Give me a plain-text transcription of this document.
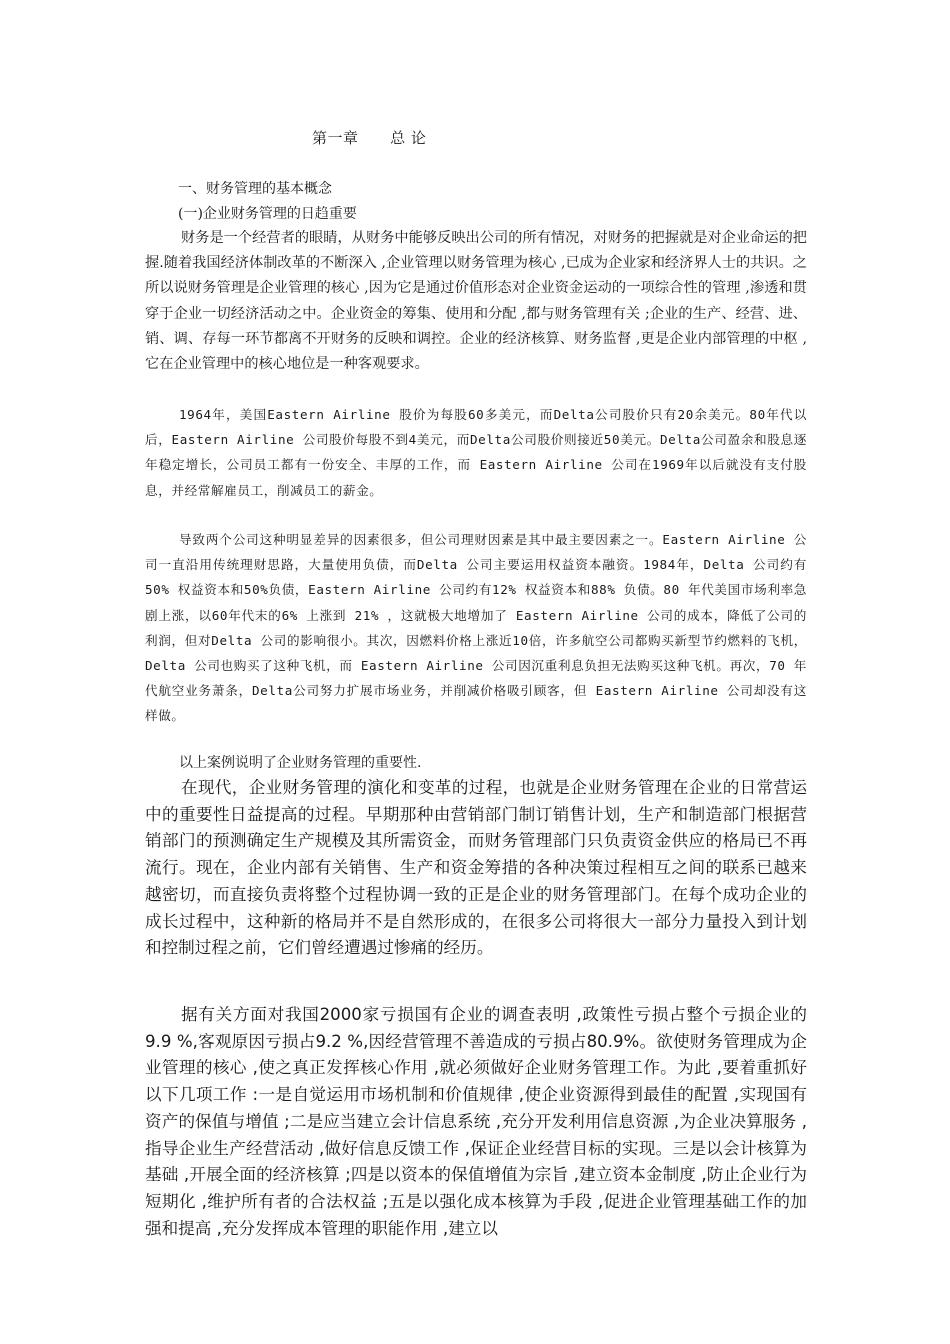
第一章      总 论
一、财务管理的基本概念
(一)企业财务管理的日趋重要

财务是一个经营者的眼睛，从财务中能够反映出公司的所有情况，对财务的把握就是对企业命运的把握.随着我国经济体制改革的不断深入 ,企业管理以财务管理为核心 ,已成为企业家和经济界人士的共识。之所以说财务管理是企业管理的核心 ,因为它是通过价值形态对企业资金运动的一项综合性的管理 ,渗透和贯穿于企业一切经济活动之中。企业资金的筹集、使用和分配 ,都与财务管理有关 ;企业的生产、经营、进、销、调、存每一环节都离不开财务的反映和调控。企业的经济核算、财务监督 ,更是企业内部管理的中枢 ,它在企业管理中的核心地位是一种客观要求。

1964年，美国Eastern Airline 股价为每股60多美元，而Delta公司股价只有20余美元。80年代以后，Eastern Airline 公司股价每股不到4美元，而Delta公司股价则接近50美元。Delta公司盈余和股息逐年稳定增长，公司员工都有一份安全、丰厚的工作，而 Eastern Airline 公司在1969年以后就没有支付股息，并经常解雇员工，削减员工的薪金。

导致两个公司这种明显差异的因素很多，但公司理财因素是其中最主要因素之一。Eastern Airline 公司一直沿用传统理财思路，大量使用负债，而Delta 公司主要运用权益资本融资。1984年，Delta 公司约有50% 权益资本和50%负债，Eastern Airline 公司约有12% 权益资本和88% 负债。80 年代美国市场利率急剧上涨，以60年代末的6% 上涨到 21% ，这就极大地增加了 Eastern Airline 公司的成本，降低了公司的利润，但对Delta 公司的影响很小。其次，因燃料价格上涨近10倍，许多航空公司都购买新型节约燃料的飞机，Delta 公司也购买了这种飞机，而 Eastern Airline 公司因沉重利息负担无法购买这种飞机。再次，70 年代航空业务萧条，Delta公司努力扩展市场业务，并削减价格吸引顾客，但 Eastern Airline 公司却没有这样做。

以上案例说明了企业财务管理的重要性.

在现代，企业财务管理的演化和变革的过程，也就是企业财务管理在企业的日常营运中的重要性日益提高的过程。早期那种由营销部门制订销售计划，生产和制造部门根据营销部门的预测确定生产规模及其所需资金，而财务管理部门只负责资金供应的格局已不再流行。现在，企业内部有关销售、生产和资金筹措的各种决策过程相互之间的联系已越来越密切，而直接负责将整个过程协调一致的正是企业的财务管理部门。在每个成功企业的成长过程中，这种新的格局并不是自然形成的，在很多公司将很大一部分力量投入到计划和控制过程之前，它们曾经遭遇过惨痛的经历。

据有关方面对我国2000家亏损国有企业的调查表明 ,政策性亏损占整个亏损企业的9.9 %,客观原因亏损占9.2 %,因经营管理不善造成的亏损占80.9%。欲使财务管理成为企业管理的核心 ,使之真正发挥核心作用 ,就必须做好企业财务管理工作。为此 ,要着重抓好以下几项工作 :一是自觉运用市场机制和价值规律 ,使企业资源得到最佳的配置 ,实现国有资产的保值与增值 ;二是应当建立会计信息系统 ,充分开发利用信息资源 ,为企业决算服务 ,指导企业生产经营活动 ,做好信息反馈工作 ,保证企业经营目标的实现。三是以会计核算为基础 ,开展全面的经济核算 ;四是以资本的保值增值为宗旨 ,建立资本金制度 ,防止企业行为短期化 ,维护所有者的合法权益 ;五是以强化成本核算为手段 ,促进企业管理基础工作的加强和提高 ,充分发挥成本管理的职能作用 ,建立以
